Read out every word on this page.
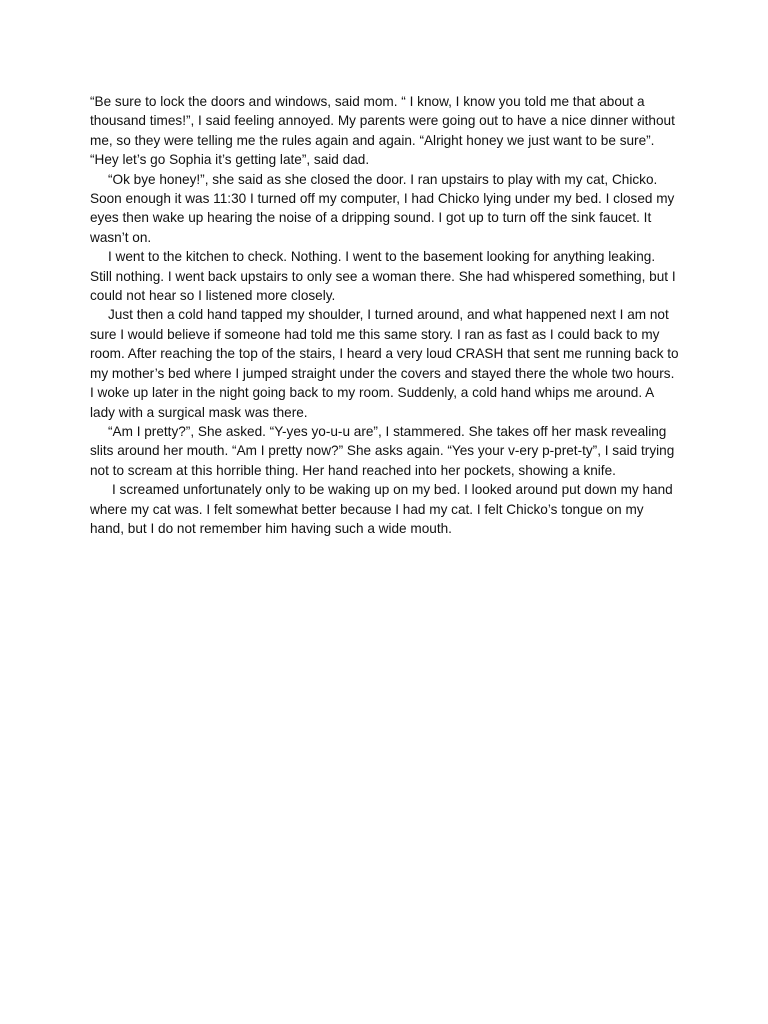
“Be sure to lock the doors and windows, said mom. “ I know, I know you told me that about a thousand times!”, I said feeling annoyed. My parents were going out to have a nice dinner without me, so they were telling me the rules again and again. “Alright honey we just want to be sure”. “Hey let’s go Sophia it’s getting late”, said dad.

“Ok bye honey!”, she said as she closed the door. I ran upstairs to play with my cat, Chicko. Soon enough it was 11:30 I turned off my computer, I had Chicko lying under my bed. I closed my eyes then wake up hearing the noise of a dripping sound. I got up to turn off the sink faucet. It wasn’t on.

I went to the kitchen to check. Nothing. I went to the basement looking for anything leaking. Still nothing. I went back upstairs to only see a woman there. She had whispered something, but I could not hear so I listened more closely.

Just then a cold hand tapped my shoulder, I turned around, and what happened next I am not sure I would believe if someone had told me this same story. I ran as fast as I could back to my room. After reaching the top of the stairs, I heard a very loud CRASH that sent me running back to my mother’s bed where I jumped straight under the covers and stayed there the whole two hours. I woke up later in the night going back to my room. Suddenly, a cold hand whips me around. A lady with a surgical mask was there.

“Am I pretty?”, She asked. “Y-yes yo-u-u are”, I stammered. She takes off her mask revealing slits around her mouth. “Am I pretty now?” She asks again. “Yes your v-ery p-pret-ty”, I said trying not to scream at this horrible thing. Her hand reached into her pockets, showing a knife.

I screamed unfortunately only to be waking up on my bed. I looked around put down my hand where my cat was. I felt somewhat better because I had my cat. I felt Chicko’s tongue on my hand, but I do not remember him having such a wide mouth.
